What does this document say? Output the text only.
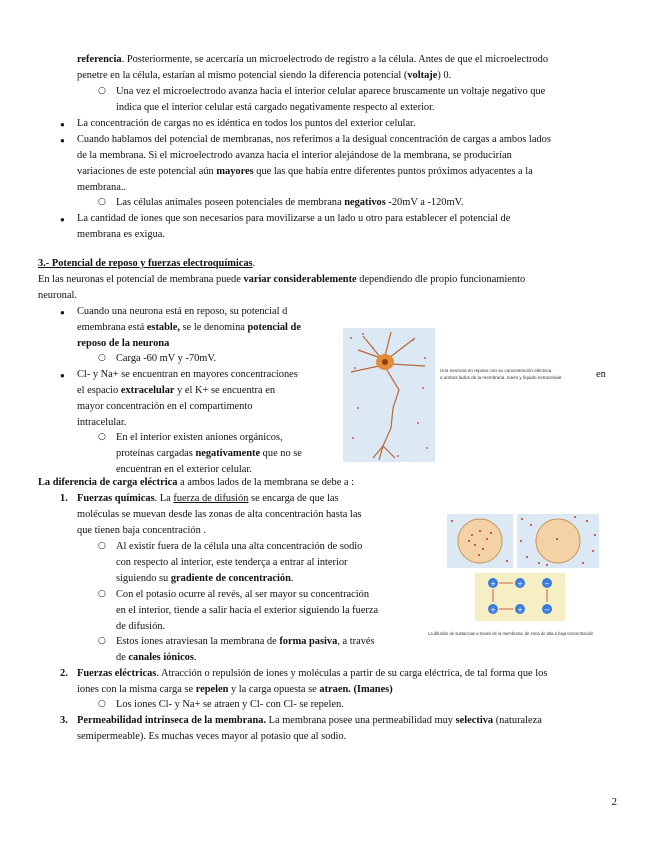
referencia. Posteriormente, se acercaría un microelectrodo de registro a la célula. Antes de que el microelectrodo
penetre en la célula, estarían al mismo potencial siendo la diferencia potencial (voltaje) 0.
○ Una vez el microelectrodo avanza hacia el interior celular aparece bruscamente un voltaje negativo que
indica que el interior celular está cargado negativamente respecto al exterior.
● La concentración de cargas no es idéntica en todos los puntos del exterior celular.
● Cuando hablamos del potencial de membranas, nos referimos a la desigual concentración de cargas a ambos lados
de la membrana. Si el microelectrodo avanza hacia el interior alejándose de la membrana, se producirían
variaciones de este potencial aún mayores que las que había entre diferentes puntos próximos adyacentes a la
membrana..
○ Las células animales poseen potenciales de membrana negativos -20mV a -120mV.
● La cantidad de iones que son necesarios para movilizarse a un lado u otro para establecer el potencial de
membrana es exigua.
3.- Potencial de reposo y fuerzas electroquímicas.
En las neuronas el potencial de membrana puede variar considerablemente dependiendo dle propio funcionamiento
neuronal.
● Cuando una neurona está en reposo, su potencial d
emembrana está estable, se le denomina potencial de
reposo de la neurona
○ Carga -60 mV y -70mV.
● Cl- y Na+ se encuentran en mayores concentraciones
el espacio extracelular y el K+ se encuentra en
mayor concentración en el compartimento
intracelular.
○ En el interior existen aniones orgánicos,
proteínas cargadas negativamente que no se
encuentran en el exterior celular.
Una neurona en reposo con su concentración eléctrica
a ambos lados de la membrana. Iones y líquido extracelular	en
La diferencia de carga eléctrica a ambos lados de la membrana se debe a :
1. Fuerzas químicas. La fuerza de difusión se encarga de que las
moléculas se muevan desde las zonas de alta concentración hasta las
que tienen baja concentración .
○ Al existir fuera de la célula una alta concentración de sodio
con respecto al interior, este tenderça a entrar al interior
siguiendo su gradiente de concentración.
○ Con el potasio ocurre al revés, al ser mayor su concentración
en el interior, tiende a salir hacia el exterior siguiendo la fuerza
de difusión.
○ Estos iones atraviesan la membrana de forma pasiva, a través
de canales iónicos.
+	+	−
+	+	−
La difusión de sustancias a través de la membrana: de zona de alta a baja concentración
2. Fuerzas eléctricas. Atracción o repulsión de iones y moléculas a partir de su carga eléctrica, de tal forma que los
iones con la misma carga se repelen y la carga opuesta se atraen. (Imanes)
○ Los iones Cl- y Na+ se atraen y Cl- con Cl- se repelen.
3. Permeabilidad intrínseca de la membrana. La membrana posee una permeabilidad muy selectiva (naturaleza
semipermeable). Es muchas veces mayor al potasio que al sodio.
2
